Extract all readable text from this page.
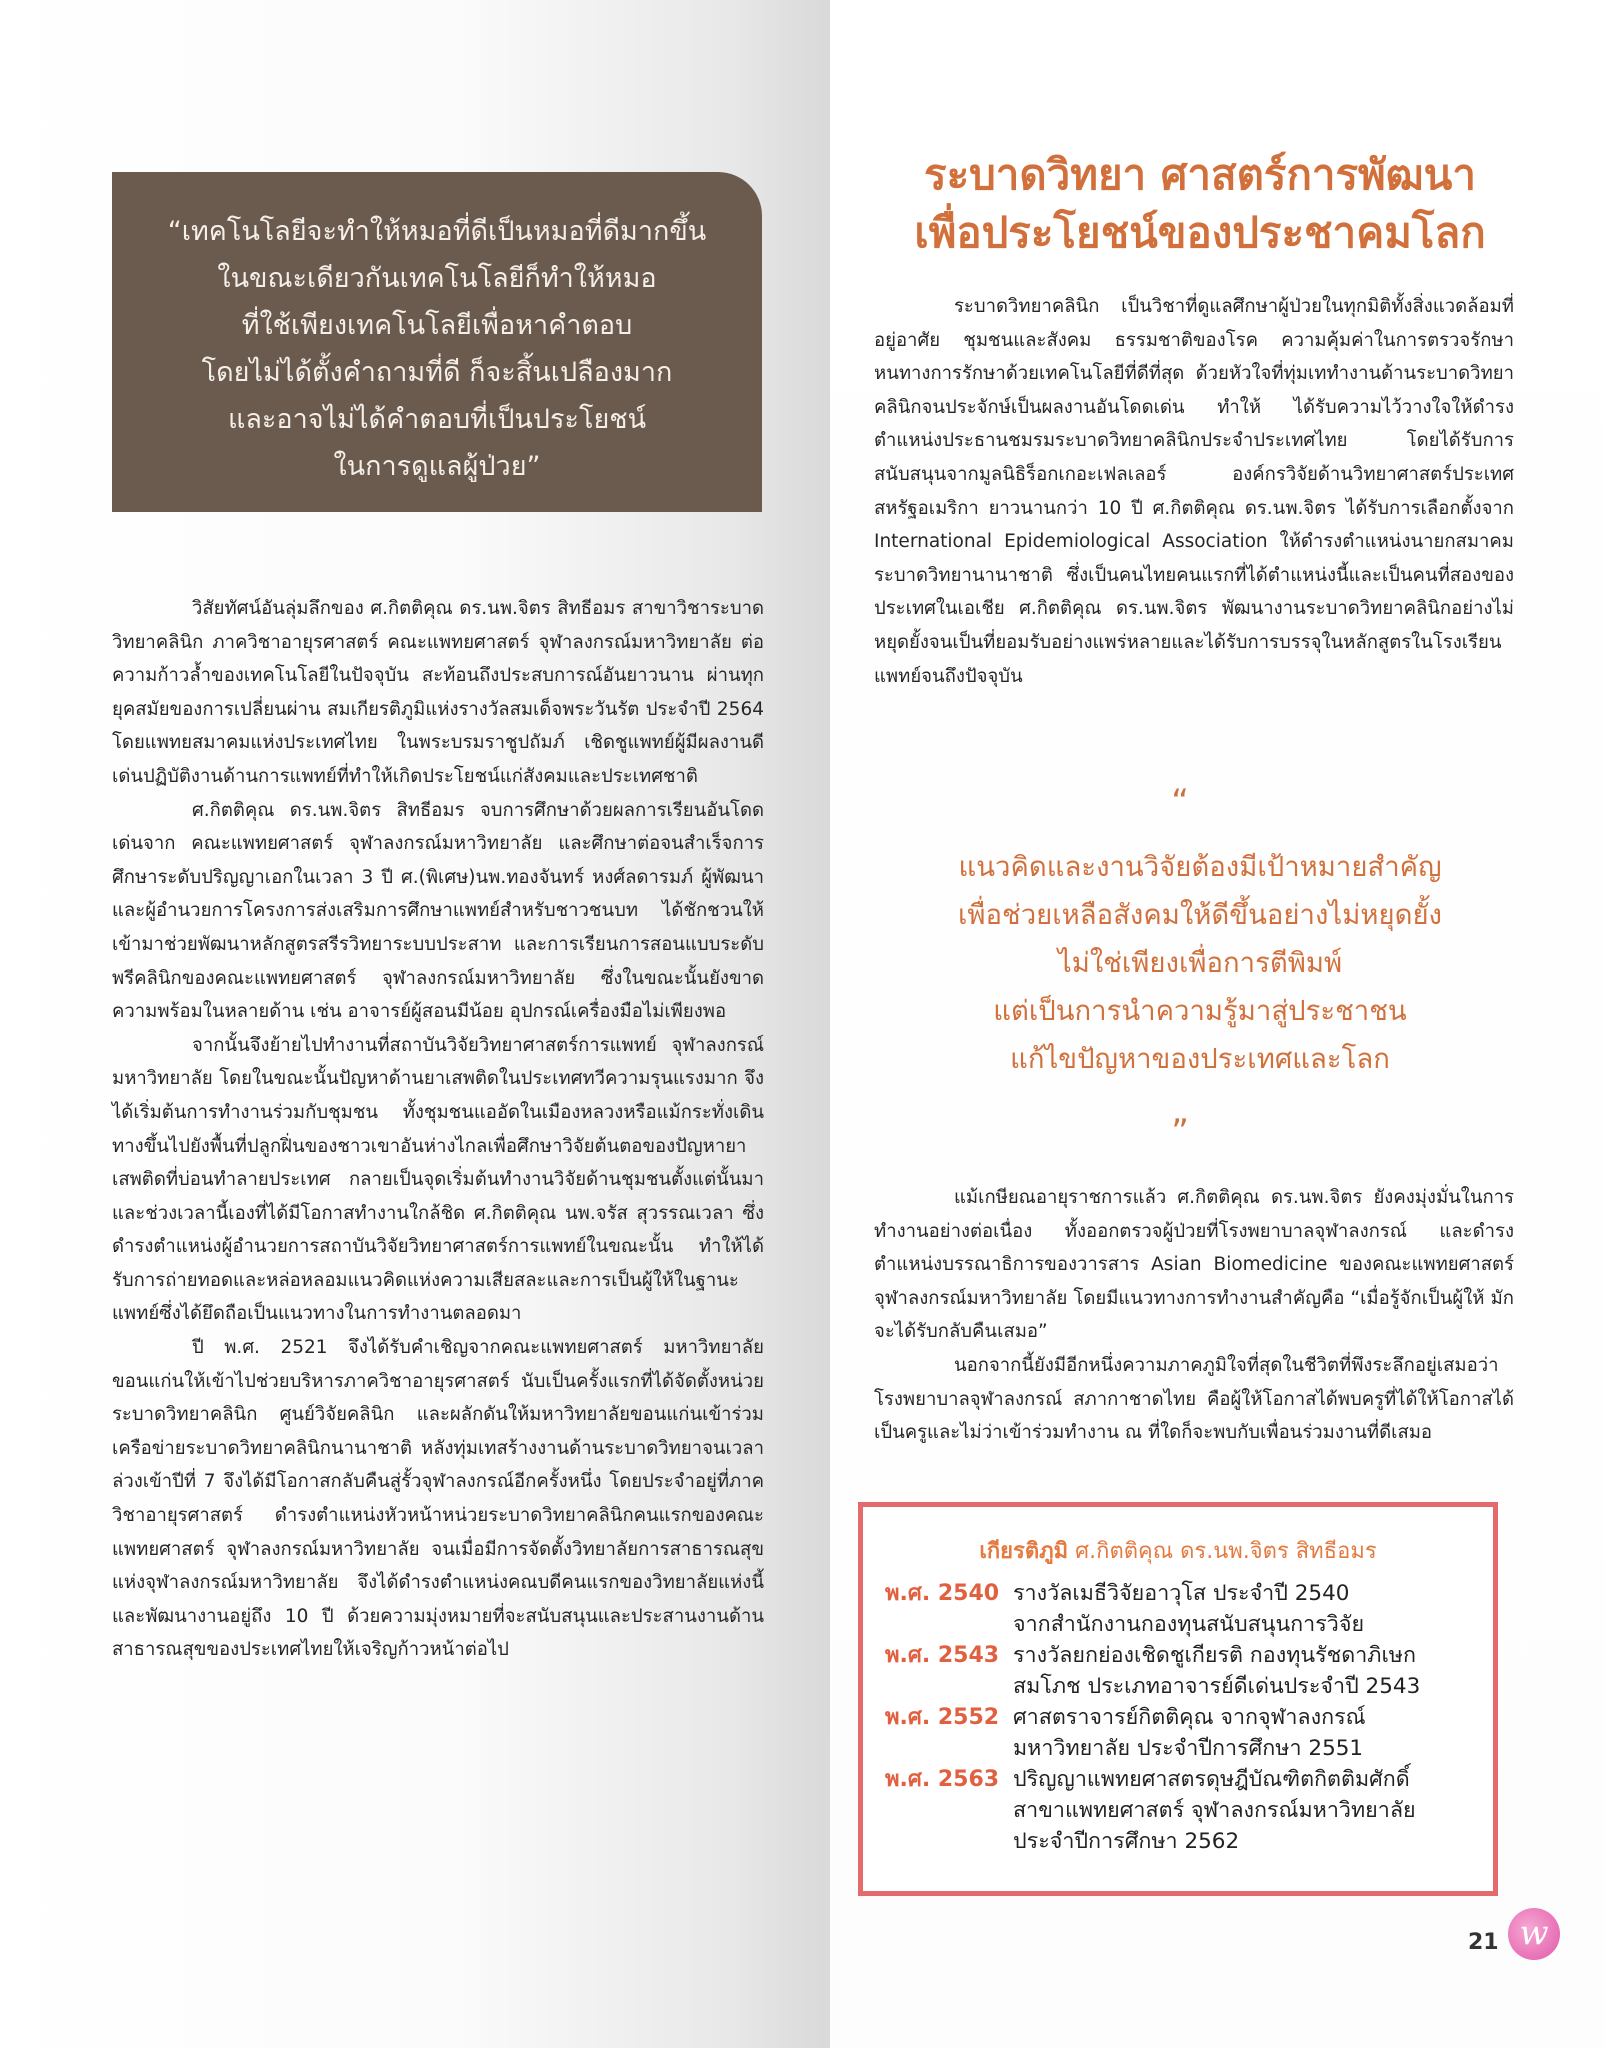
“เทคโนโลยีจะทำให้หมอที่ดีเป็นหมอที่ดีมากขึ้น

ในขณะเดียวกันเทคโนโลยีก็ทำให้หมอ

ที่ใช้เพียงเทคโนโลยีเพื่อหาคำตอบ

โดยไม่ได้ตั้งคำถามที่ดี ก็จะสิ้นเปลืองมาก

และอาจไม่ได้คำตอบที่เป็นประโยชน์

ในการดูแลผู้ป่วย”

วิสัยทัศน์อันลุ่มลึกของ ศ.กิตติคุณ ดร.นพ.จิตร สิทธีอมร สาขาวิชาระบาดวิทยาคลินิก ภาควิชาอายุรศาสตร์ คณะแพทยศาสตร์ จุฬาลงกรณ์มหาวิทยาลัย ต่อความก้าวล้ำของเทคโนโลยีในปัจจุบัน สะท้อนถึงประสบการณ์อันยาวนาน ผ่านทุกยุคสมัยของการเปลี่ยนผ่าน สมเกียรติภูมิแห่งรางวัลสมเด็จพระวันรัต ประจำปี 2564 โดยแพทยสมาคมแห่งประเทศไทย ในพระบรมราชูปถัมภ์ เชิดชูแพทย์ผู้มีผลงานดีเด่นปฏิบัติงานด้านการแพทย์ที่ทำให้เกิดประโยชน์แก่สังคมและประเทศชาติ

ศ.กิตติคุณ ดร.นพ.จิตร สิทธีอมร จบการศึกษาด้วยผลการเรียนอันโดดเด่นจาก คณะแพทยศาสตร์ จุฬาลงกรณ์มหาวิทยาลัย และศึกษาต่อจนสำเร็จการศึกษาระดับปริญญาเอกในเวลา 3 ปี ศ.(พิเศษ)นพ.ทองจันทร์ หงศ์ลดารมภ์ ผู้พัฒนาและผู้อำนวยการโครงการส่งเสริมการศึกษาแพทย์สำหรับชาวชนบท ได้ชักชวนให้เข้ามาช่วยพัฒนาหลักสูตรสรีรวิทยาระบบประสาท และการเรียนการสอนแบบระดับพรีคลินิกของคณะแพทยศาสตร์ จุฬาลงกรณ์มหาวิทยาลัย ซึ่งในขณะนั้นยังขาดความพร้อมในหลายด้าน เช่น อาจารย์ผู้สอนมีน้อย อุปกรณ์เครื่องมือไม่เพียงพอ

จากนั้นจึงย้ายไปทำงานที่สถาบันวิจัยวิทยาศาสตร์การแพทย์ จุฬาลงกรณ์มหาวิทยาลัย โดยในขณะนั้นปัญหาด้านยาเสพติดในประเทศทวีความรุนแรงมาก จึงได้เริ่มต้นการทำงานร่วมกับชุมชน ทั้งชุมชนแออัดในเมืองหลวงหรือแม้กระทั่งเดินทางขึ้นไปยังพื้นที่ปลูกฝิ่นของชาวเขาอันห่างไกลเพื่อศึกษาวิจัยต้นตอของปัญหายาเสพติดที่บ่อนทำลายประเทศ กลายเป็นจุดเริ่มต้นทำงานวิจัยด้านชุมชนตั้งแต่นั้นมา และช่วงเวลานี้เองที่ได้มีโอกาสทำงานใกล้ชิด ศ.กิตติคุณ นพ.จรัส สุวรรณเวลา ซึ่งดำรงตำแหน่งผู้อำนวยการสถาบันวิจัยวิทยาศาสตร์การแพทย์ในขณะนั้น ทำให้ได้รับการถ่ายทอดและหล่อหลอมแนวคิดแห่งความเสียสละและการเป็นผู้ให้ในฐานะแพทย์ซึ่งได้ยึดถือเป็นแนวทางในการทำงานตลอดมา

ปี พ.ศ. 2521 จึงได้รับคำเชิญจากคณะแพทยศาสตร์ มหาวิทยาลัยขอนแก่นให้เข้าไปช่วยบริหารภาควิชาอายุรศาสตร์ นับเป็นครั้งแรกที่ได้จัดตั้งหน่วยระบาดวิทยาคลินิก ศูนย์วิจัยคลินิก และผลักดันให้มหาวิทยาลัยขอนแก่นเข้าร่วมเครือข่ายระบาดวิทยาคลินิกนานาชาติ หลังทุ่มเทสร้างงานด้านระบาดวิทยาจนเวลาล่วงเข้าปีที่ 7 จึงได้มีโอกาสกลับคืนสู่รั้วจุฬาลงกรณ์อีกครั้งหนึ่ง โดยประจำอยู่ที่ภาควิชาอายุรศาสตร์ ดำรงตำแหน่งหัวหน้าหน่วยระบาดวิทยาคลินิกคนแรกของคณะแพทยศาสตร์ จุฬาลงกรณ์มหาวิทยาลัย จนเมื่อมีการจัดตั้งวิทยาลัยการสาธารณสุข แห่งจุฬาลงกรณ์มหาวิทยาลัย จึงได้ดำรงตำแหน่งคณบดีคนแรกของวิทยาลัยแห่งนี้และพัฒนางานอยู่ถึง 10 ปี ด้วยความมุ่งหมายที่จะสนับสนุนและประสานงานด้านสาธารณสุขของประเทศไทยให้เจริญก้าวหน้าต่อไป

ระบาดวิทยา ศาสตร์การพัฒนา
เพื่อประโยชน์ของประชาคมโลก

ระบาดวิทยาคลินิก เป็นวิชาที่ดูแลศึกษาผู้ป่วยในทุกมิติทั้งสิ่งแวดล้อมที่อยู่อาศัย ชุมชนและสังคม ธรรมชาติของโรค ความคุ้มค่าในการตรวจรักษา หนทางการรักษาด้วยเทคโนโลยีที่ดีที่สุด ด้วยหัวใจที่ทุ่มเททำงานด้านระบาดวิทยาคลินิกจนประจักษ์เป็นผลงานอันโดดเด่น ทำให้ ได้รับความไว้วางใจให้ดำรงตำแหน่งประธานชมรมระบาดวิทยาคลินิกประจำประเทศไทย โดยได้รับการสนับสนุนจากมูลนิธิร็อกเกอะเฟลเลอร์ องค์กรวิจัยด้านวิทยาศาสตร์ประเทศสหรัฐอเมริกา ยาวนานกว่า 10 ปี ศ.กิตติคุณ ดร.นพ.จิตร ได้รับการเลือกตั้งจาก International Epidemiological Association ให้ดำรงตำแหน่งนายกสมาคมระบาดวิทยานานาชาติ ซึ่งเป็นคนไทยคนแรกที่ได้ตำแหน่งนี้และเป็นคนที่สองของประเทศในเอเชีย ศ.กิตติคุณ ดร.นพ.จิตร พัฒนางานระบาดวิทยาคลินิกอย่างไม่หยุดยั้งจนเป็นที่ยอมรับอย่างแพร่หลายและได้รับการบรรจุในหลักสูตรในโรงเรียนแพทย์จนถึงปัจจุบัน

“

แนวคิดและงานวิจัยต้องมีเป้าหมายสำคัญ

เพื่อช่วยเหลือสังคมให้ดีขึ้นอย่างไม่หยุดยั้ง

ไม่ใช่เพียงเพื่อการตีพิมพ์

แต่เป็นการนำความรู้มาสู่ประชาชน

แก้ไขปัญหาของประเทศและโลก

”

แม้เกษียณอายุราชการแล้ว ศ.กิตติคุณ ดร.นพ.จิตร ยังคงมุ่งมั่นในการทำงานอย่างต่อเนื่อง ทั้งออกตรวจผู้ป่วยที่โรงพยาบาลจุฬาลงกรณ์ และดำรงตำแหน่งบรรณาธิการของวารสาร Asian Biomedicine ของคณะแพทยศาสตร์ จุฬาลงกรณ์มหาวิทยาลัย โดยมีแนวทางการทำงานสำคัญคือ “เมื่อรู้จักเป็นผู้ให้ มักจะได้รับกลับคืนเสมอ”

นอกจากนี้ยังมีอีกหนึ่งความภาคภูมิใจที่สุดในชีวิตที่พึงระลึกอยู่เสมอว่า โรงพยาบาลจุฬาลงกรณ์ สภากาชาดไทย คือผู้ให้โอกาสได้พบครูที่ได้ให้โอกาสได้เป็นครูและไม่ว่าเข้าร่วมทำงาน ณ ที่ใดก็จะพบกับเพื่อนร่วมงานที่ดีเสมอ

เกียรติภูมิ ศ.กิตติคุณ ดร.นพ.จิตร สิทธีอมร
พ.ศ. 2540 รางวัลเมธีวิจัยอาวุโส ประจำปี 2540
จากสำนักงานกองทุนสนับสนุนการวิจัย
พ.ศ. 2543 รางวัลยกย่องเชิดชูเกียรติ กองทุนรัชดาภิเษก
สมโภช ประเภทอาจารย์ดีเด่นประจำปี 2543
พ.ศ. 2552 ศาสตราจารย์กิตติคุณ จากจุฬาลงกรณ์
มหาวิทยาลัย ประจำปีการศึกษา 2551
พ.ศ. 2563 ปริญญาแพทยศาสตรดุษฎีบัณฑิตกิตติมศักดิ์
สาขาแพทยศาสตร์ จุฬาลงกรณ์มหาวิทยาลัย
ประจำปีการศึกษา 2562
21 w
